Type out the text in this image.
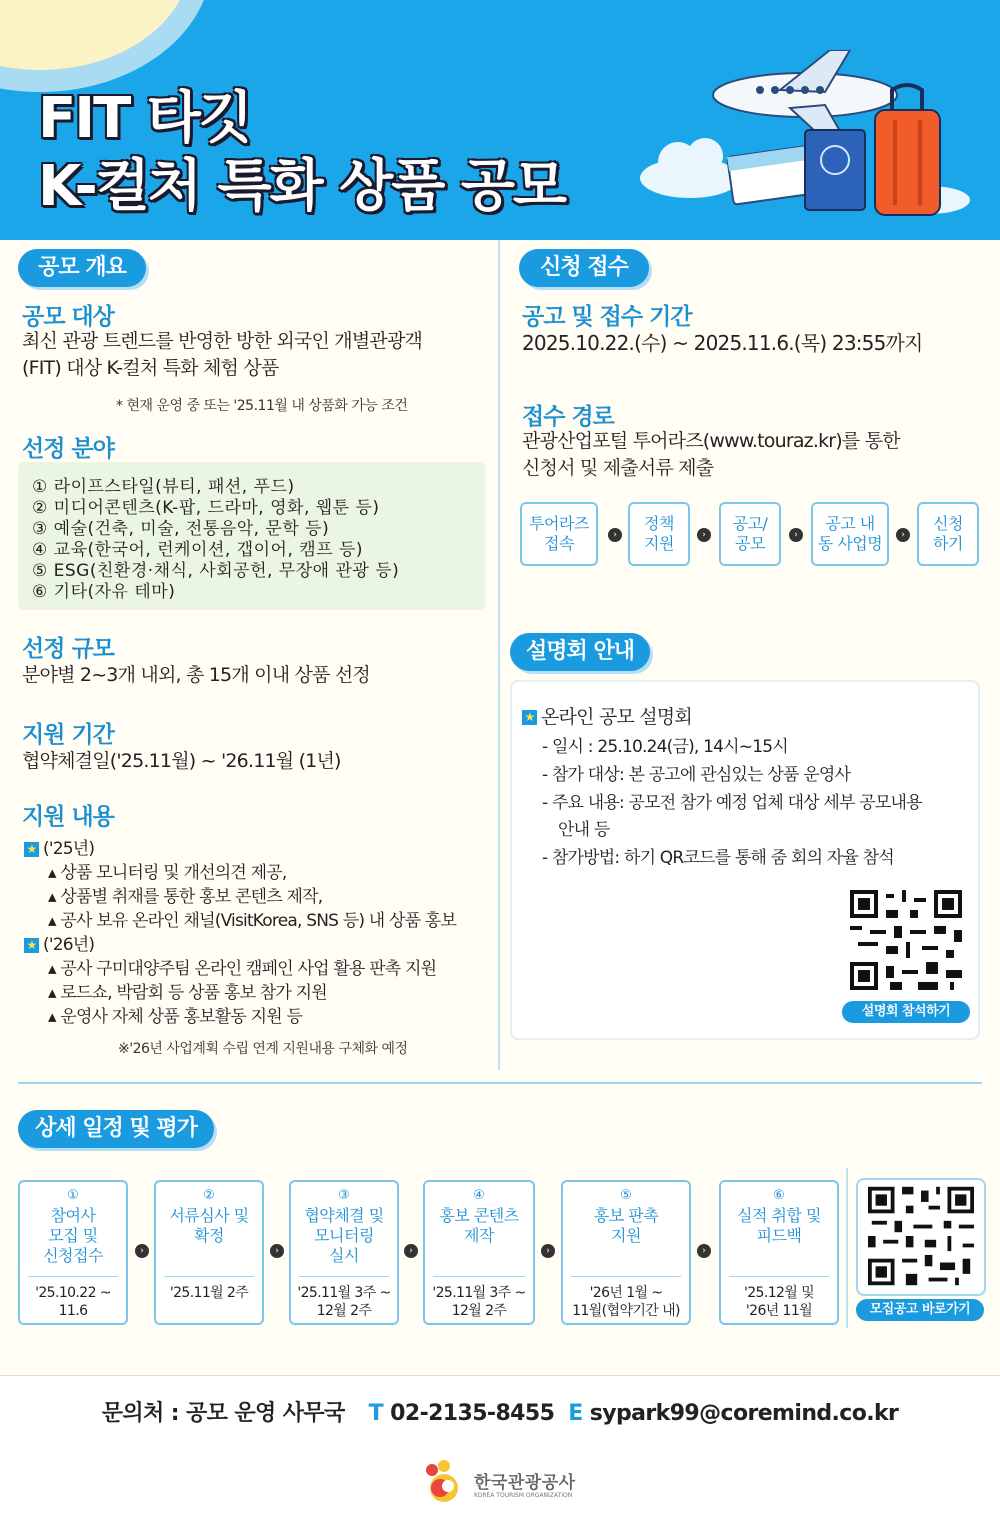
FIT 타깃
K-컬처 특화 상품 공모
공모 개요
공모 대상
최신 관광 트렌드를 반영한 방한 외국인 개별관광객
(FIT) 대상 K-컬처 특화 체험 상품
* 현재 운영 중 또는 '25.11월 내 상품화 가능 조건
선정 분야
① 라이프스타일(뷰티, 패션, 푸드)
② 미디어콘텐츠(K-팝, 드라마, 영화, 웹툰 등)
③ 예술(건축, 미술, 전통음악, 문학 등)
④ 교육(한국어, 런케이션, 갭이어, 캠프 등)
⑤ ESG(친환경·채식, 사회공헌, 무장애 관광 등)
⑥ 기타(자유 테마)
선정 규모
분야별 2~3개 내외, 총 15개 이내 상품 선정
지원 기간
협약체결일('25.11월) ~ '26.11월 (1년)
지원 내용
★ ('25년)
▴ 상품 모니터링 및 개선의견 제공,
▴ 상품별 취재를 통한 홍보 콘텐츠 제작,
▴ 공사 보유 온라인 채널(VisitKorea, SNS 등) 내 상품 홍보
★ ('26년)
▴ 공사 구미대양주팀 온라인 캠페인 사업 활용 판촉 지원
▴ 로드쇼, 박람회 등 상품 홍보 참가 지원
▴ 운영사 자체 상품 홍보활동 지원 등
※'26년 사업계획 수립 연계 지원내용 구체화 예정
신청 접수
공고 및 접수 기간
2025.10.22.(수) ~ 2025.11.6.(목) 23:55까지
접수 경로
관광산업포털 투어라즈(www.touraz.kr)를 통한
신청서 및 제출서류 제출
투어라즈
접속	›
정책
지원	›
공고/
공모	›
공고 내
동 사업명	›
신청
하기
설명회 안내
★ 온라인 공모 설명회
- 일시 : 25.10.24(금), 14시~15시
- 참가 대상: 본 공고에 관심있는 상품 운영사
- 주요 내용: 공모전 참가 예정 업체 대상 세부 공모내용
안내 등
- 참가방법: 하기 QR코드를 통해 줌 회의 자율 참석
설명회 참석하기
상세 일정 및 평가
①
참여사
모집 및
신청접수
'25.10.22 ~
11.6
›
②
서류심사 및
확정
'25.11월 2주
›
③
협약체결 및
모니터링
실시
'25.11월 3주 ~
12월 2주
›
④
홍보 콘텐츠
제작
'25.11월 3주 ~
12월 2주
›
⑤
홍보 판촉
지원
'26년 1월 ~
11월(협약기간 내)
›
⑥
실적 취합 및
피드백
'25.12월 및
'26년 11월	모집공고 바로가기
문의처 : 공모 운영 사무국 T 02-2135-8455 E sypark99@coremind.co.kr
한국관광공사
KOREA TOURISM ORGANIZATION
